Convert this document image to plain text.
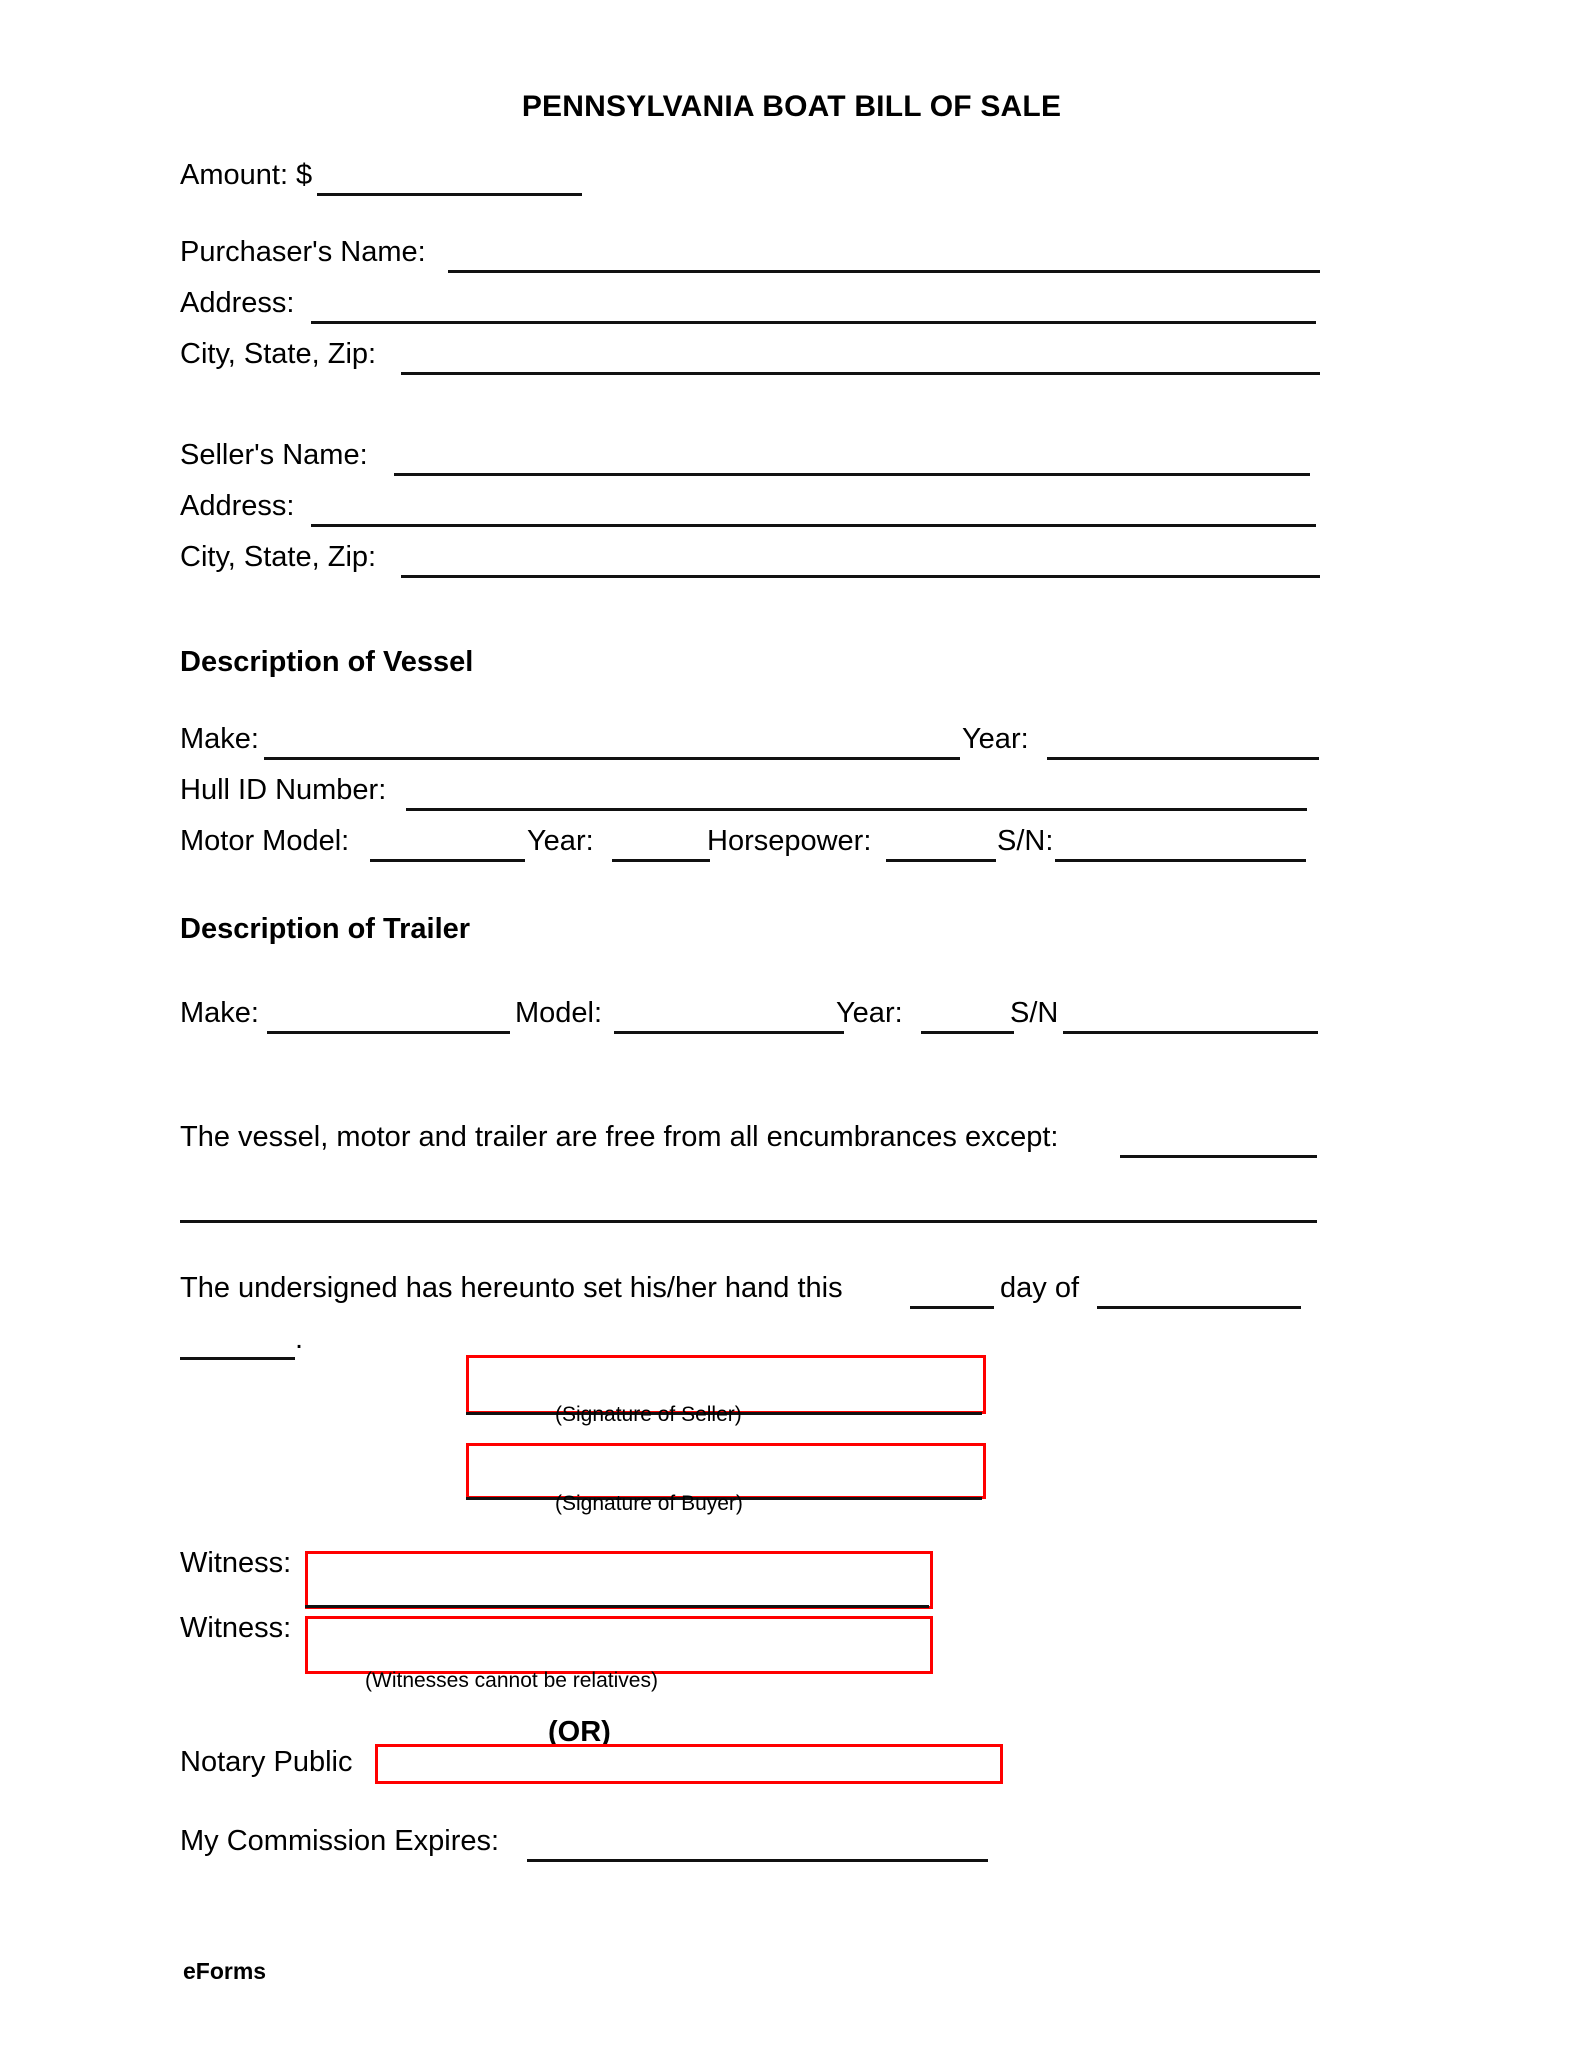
PENNSYLVANIA BOAT BILL OF SALE
Amount: $
Purchaser's Name:
Address:
City, State, Zip:
Seller's Name:
Address:
City, State, Zip:
Description of Vessel
Make:	Year:
Hull ID Number:
Motor Model:	Year:	Horsepower:	S/N:
Description of Trailer
Make:	Model:	Year:	S/N
The vessel, motor and trailer are free from all encumbrances except:
The undersigned has hereunto set his/her hand this	day of
.
(Signature of Seller)
(Signature of Buyer)
Witness:
Witness:
(Witnesses cannot be relatives)
(OR)
Notary Public
My Commission Expires:
eForms
